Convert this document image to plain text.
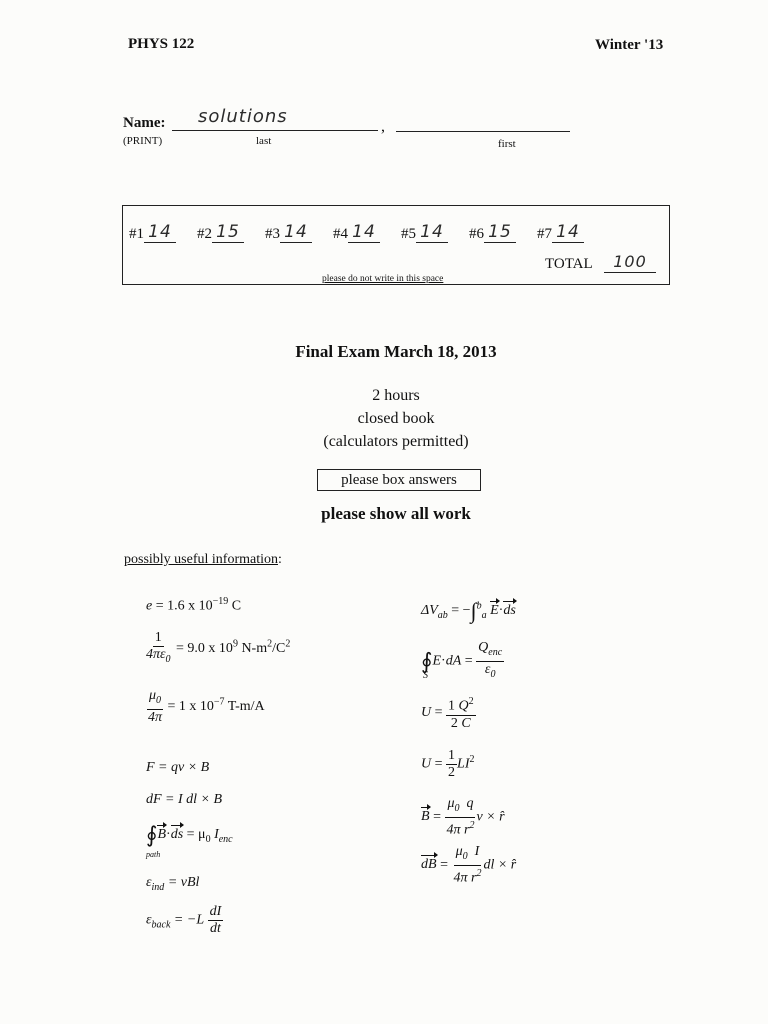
PHYS 122	Winter '13
Name: solutions	,
(PRINT)	last	first
#1 14 #2 15 #3 14 #4 14 #5 14 #6 15 #7 14
TOTAL	100
please do not write in this space
Final Exam March 18, 2013
2 hours
closed book
(calculators permitted)
please box answers
please show all work
possibly useful information:
e = 1.6 x $10^{-19}$ C
$\frac{1}{4\pi\varepsilon_0} = 9.0$ x $10^9$ $N-m^2/C^2$
$\frac{\mu_0}{4\pi} = 1$ x $10^{-7}$ T-m/A
F = qv × B
dF = I dl × B
∮B·ds = $\mu_0$ $I_{enc}$
path
$\varepsilon_{ind}$ = vBl
$\varepsilon_{back} = -L \frac{dI}{dt}$
$\Delta V_{ab} = -\int^b_a$ E·ds
∮E·dA = $\frac{Q_{enc}}{\varepsilon_0}$
S
$U = \frac{1 Q^2}{2 C}$
$U = \frac{1}{2} LI^2$
$B = \frac{\mu_0 q}{4\pi r^2}$ v × r̂
dB = $\frac{\mu_0 I}{4\pi r^2}$ dl × r̂
